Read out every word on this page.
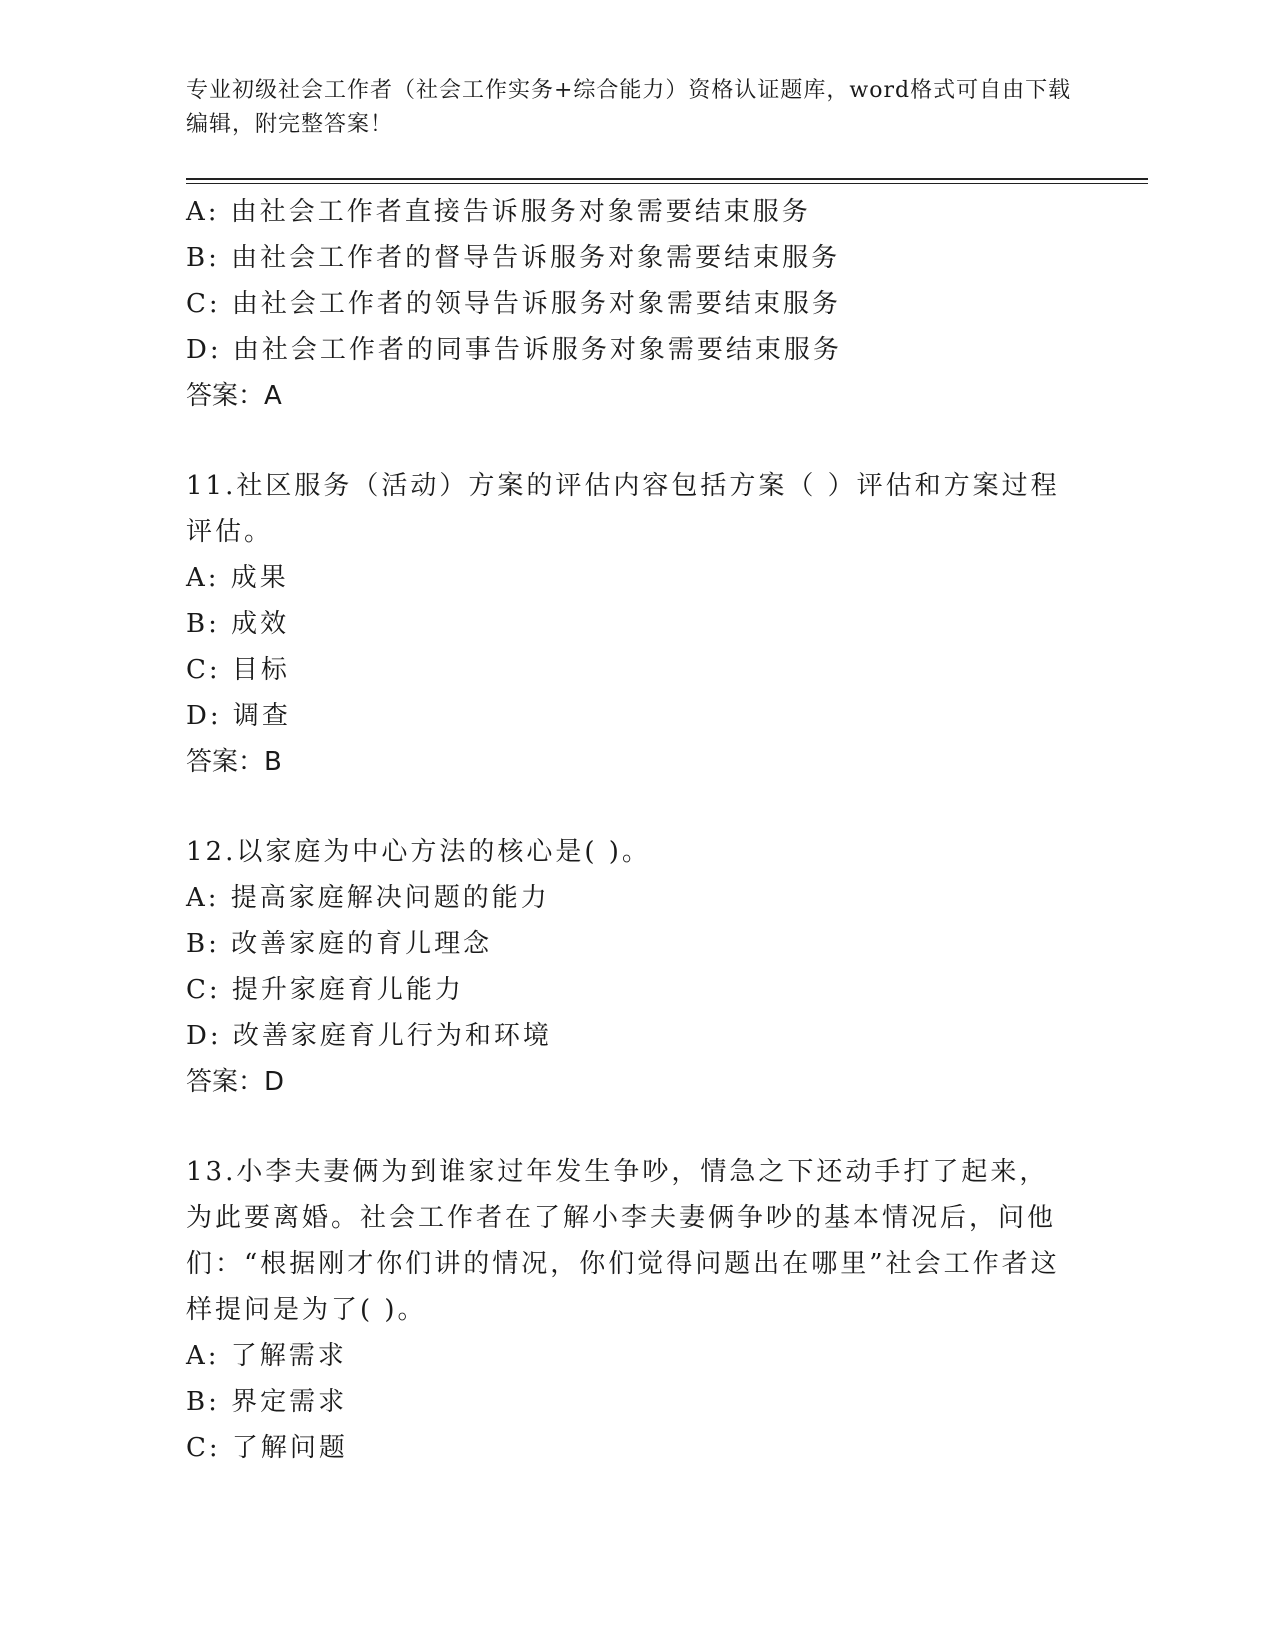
专业初级社会工作者（社会工作实务+综合能力）资格认证题库，word格式可自由下载编辑，附完整答案！
A: 由社会工作者直接告诉服务对象需要结束服务
B: 由社会工作者的督导告诉服务对象需要结束服务
C: 由社会工作者的领导告诉服务对象需要结束服务
D: 由社会工作者的同事告诉服务对象需要结束服务
答案：A
11.社区服务（活动）方案的评估内容包括方案（ ）评估和方案过程评估。
A: 成果
B: 成效
C: 目标
D: 调查
答案：B
12.以家庭为中心方法的核心是( )。
A: 提高家庭解决问题的能力
B: 改善家庭的育儿理念
C: 提升家庭育儿能力
D: 改善家庭育儿行为和环境
答案：D
13.小李夫妻俩为到谁家过年发生争吵，情急之下还动手打了起来，为此要离婚。社会工作者在了解小李夫妻俩争吵的基本情况后，问他们：“根据刚才你们讲的情况，你们觉得问题出在哪里”社会工作者这样提问是为了( )。
A: 了解需求
B: 界定需求
C: 了解问题
